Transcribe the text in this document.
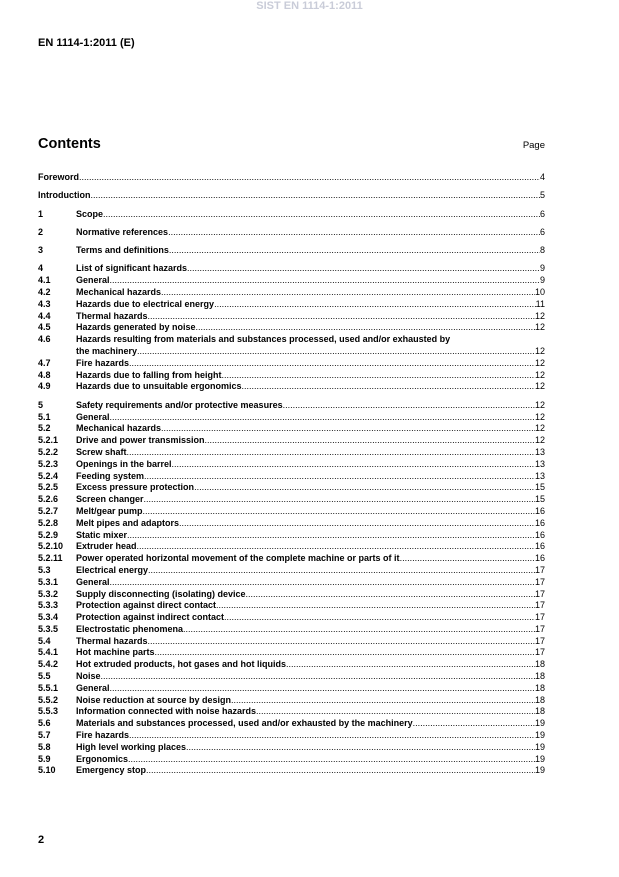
SIST EN 1114-1:2011
EN 1114-1:2011 (E)
Contents	Page
Foreword .....	4
Introduction .....	5
1	Scope .....	6
2	Normative references .....	6
3	Terms and definitions .....	8
4	List of significant hazards .....	9
4.1	General .....	9
4.2	Mechanical hazards .....	10
4.3	Hazards due to electrical energy .....	11
4.4	Thermal hazards .....	12
4.5	Hazards generated by noise .....	12
4.6	Hazards resulting from materials and substances processed, used and/or exhausted by
the machinery .....	12
4.7	Fire hazards .....	12
4.8	Hazards due to falling from height .....	12
4.9	Hazards due to unsuitable ergonomics .....	12
5	Safety requirements and/or protective measures .....	12
5.1	General .....	12
5.2	Mechanical hazards .....	12
5.2.1	Drive and power transmission .....	12
5.2.2	Screw shaft .....	13
5.2.3	Openings in the barrel .....	13
5.2.4	Feeding system .....	13
5.2.5	Excess pressure protection .....	15
5.2.6	Screen changer .....	15
5.2.7	Melt/gear pump .....	16
5.2.8	Melt pipes and adaptors .....	16
5.2.9	Static mixer .....	16
5.2.10	Extruder head .....	16
5.2.11	Power operated horizontal movement of the complete machine or parts of it .....	16
5.3	Electrical energy .....	17
5.3.1	General .....	17
5.3.2	Supply disconnecting (isolating) device .....	17
5.3.3	Protection against direct contact .....	17
5.3.4	Protection against indirect contact .....	17
5.3.5	Electrostatic phenomena .....	17
5.4	Thermal hazards .....	17
5.4.1	Hot machine parts .....	17
5.4.2	Hot extruded products, hot gases and hot liquids .....	18
5.5	Noise .....	18
5.5.1	General .....	18
5.5.2	Noise reduction at source by design .....	18
5.5.3	Information connected with noise hazards .....	18
5.6	Materials and substances processed, used and/or exhausted by the machinery .....	19
5.7	Fire hazards .....	19
5.8	High level working places .....	19
5.9	Ergonomics .....	19
5.10	Emergency stop .....	19
2
